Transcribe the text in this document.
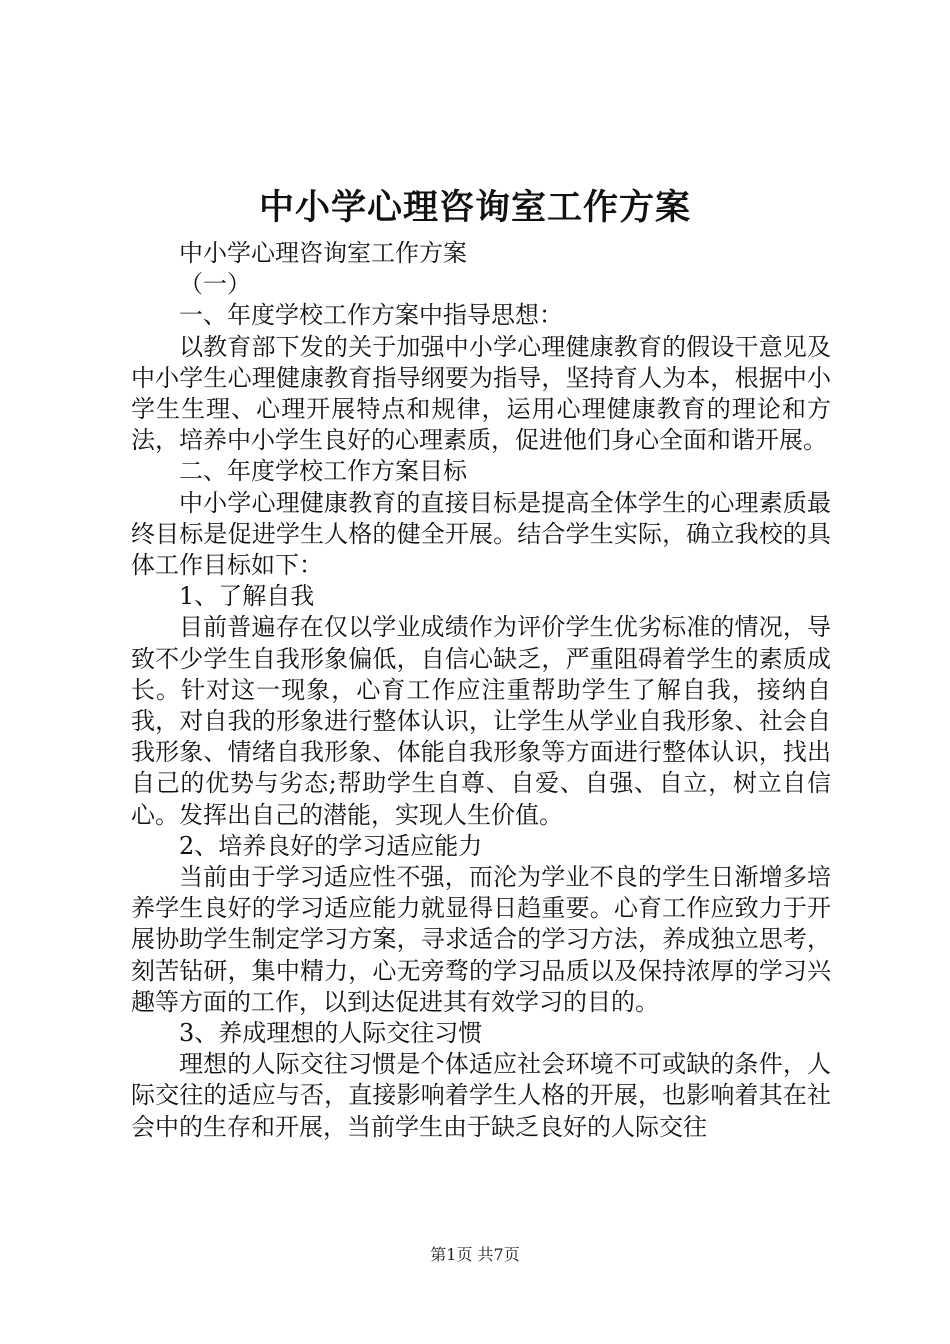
中小学心理咨询室工作方案

中小学心理咨询室工作方案

（一）

一、年度学校工作方案中指导思想：

以教育部下发的关于加强中小学心理健康教育的假设干意见及中小学生心理健康教育指导纲要为指导，坚持育人为本，根据中小学生生理、心理开展特点和规律，运用心理健康教育的理论和方法，培养中小学生良好的心理素质，促进他们身心全面和谐开展。

二、年度学校工作方案目标

中小学心理健康教育的直接目标是提高全体学生的心理素质最终目标是促进学生人格的健全开展。结合学生实际，确立我校的具体工作目标如下：

1、了解自我

目前普遍存在仅以学业成绩作为评价学生优劣标准的情况，导致不少学生自我形象偏低，自信心缺乏，严重阻碍着学生的素质成长。针对这一现象，心育工作应注重帮助学生了解自我，接纳自我，对自我的形象进行整体认识，让学生从学业自我形象、社会自我形象、情绪自我形象、体能自我形象等方面进行整体认识，找出自己的优势与劣态;帮助学生自尊、自爱、自强、自立，树立自信心。发挥出自己的潜能，实现人生价值。

2、培养良好的学习适应能力

当前由于学习适应性不强，而沦为学业不良的学生日渐增多培养学生良好的学习适应能力就显得日趋重要。心育工作应致力于开展协助学生制定学习方案，寻求适合的学习方法，养成独立思考，刻苦钻研，集中精力，心无旁骛的学习品质以及保持浓厚的学习兴趣等方面的工作，以到达促进其有效学习的目的。

3、养成理想的人际交往习惯

理想的人际交往习惯是个体适应社会环境不可或缺的条件，人际交往的适应与否，直接影响着学生人格的开展，也影响着其在社会中的生存和开展，当前学生由于缺乏良好的人际交往

第1页 共7页
